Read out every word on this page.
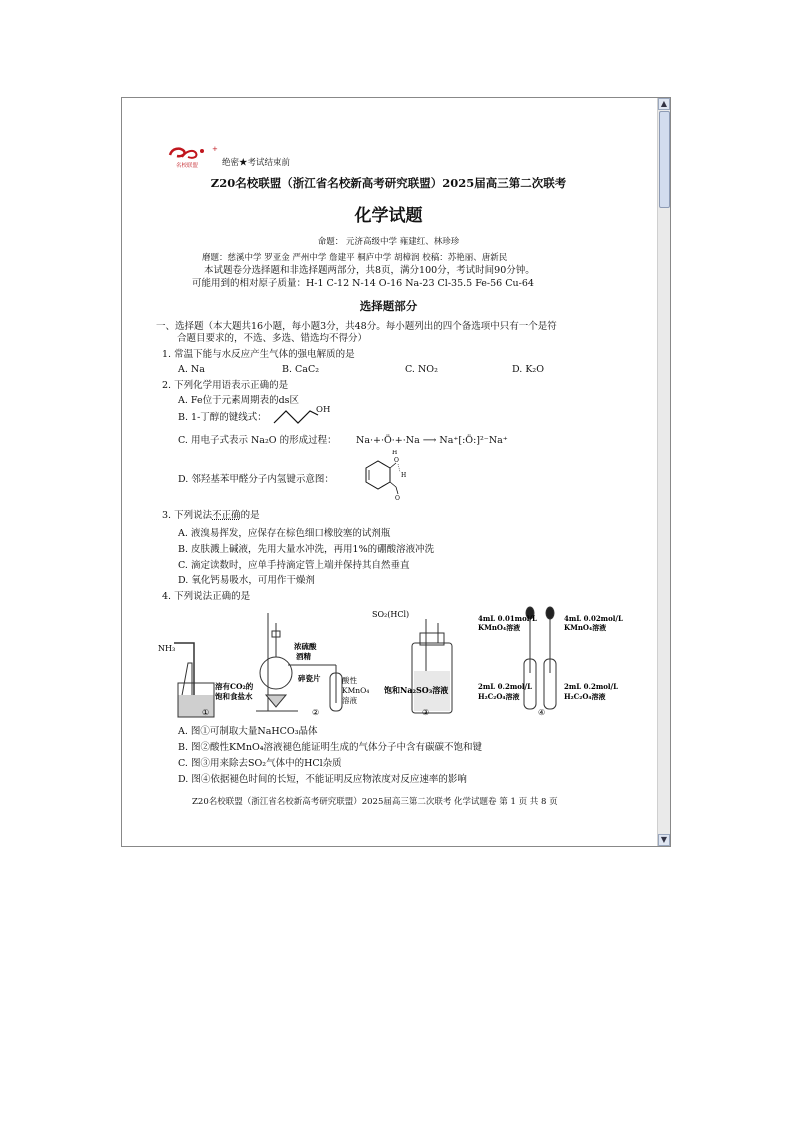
+
名校联盟	绝密★考试结束前
Z20名校联盟（浙江省名校新高考研究联盟）2025届高三第二次联考
化学试题
命题： 元济高级中学 雍建红、林珍珍
磨题：慈溪中学 罗亚金 严州中学 詹建平 桐庐中学 胡樟润 校稿：苏艳丽、唐新民
本试题卷分选择题和非选择题两部分，共8页，满分100分，考试时间90分钟。
可能用到的相对原子质量：H-1 C-12 N-14 O-16 Na-23 Cl-35.5 Fe-56 Cu-64
选择题部分
一、选择题（本大题共16小题，每小题3分，共48分。每小题列出的四个备选项中只有一个是符
合题目要求的，不选、多选、错选均不得分）
1. 常温下能与水反应产生气体的强电解质的是
A. Na	B. CaC₂	C. NO₂	D. K₂O
2. 下列化学用语表示正确的是
A. Fe位于元素周期表的ds区
B. 1-丁醇的键线式：
OH
C. 用电子式表示 Na₂O 的形成过程： Na·+·Ö·+·Na ⟶ Na⁺[:Ö:]²⁻Na⁺
D. 邻羟基苯甲醛分子内氢键示意图：
O
H
H
O
3. 下列说法不正确的是
A. 液溴易挥发，应保存在棕色细口橡胶塞的试剂瓶
B. 皮肤溅上碱液，先用大量水冲洗，再用1%的硼酸溶液冲洗
C. 滴定读数时，应单手持滴定管上端并保持其自然垂直
D. 氧化钙易吸水，可用作干燥剂
4. 下列说法正确的是
NH₃
溶有CO₂的
饱和食盐水
①
浓硫酸
酒精
碎瓷片	酸性
KMnO₄
溶液
②
SO₂(HCl)
饱和Na₂SO₃溶液
③
4mL 0.01mol/L
KMnO₄溶液
4mL 0.02mol/L
KMnO₄溶液
2mL 0.2mol/L
H₂C₂O₄溶液
2mL 0.2mol/L
H₂C₂O₄溶液
④
A. 图①可制取大量NaHCO₃晶体
B. 图②酸性KMnO₄溶液褪色能证明生成的气体分子中含有碳碳不饱和键
C. 图③用来除去SO₂气体中的HCl杂质
D. 图④依据褪色时间的长短，不能证明反应物浓度对反应速率的影响
Z20名校联盟（浙江省名校新高考研究联盟）2025届高三第二次联考 化学试题卷 第 1 页 共 8 页
▲
▼
